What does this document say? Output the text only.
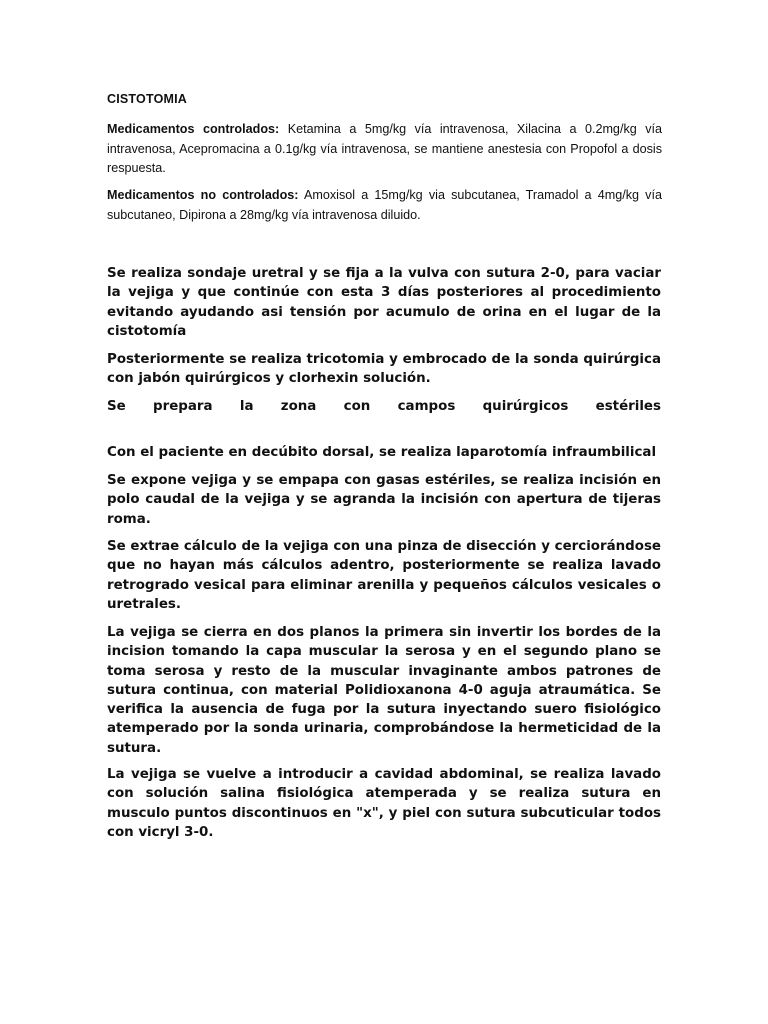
CISTOTOMIA

Medicamentos controlados: Ketamina a 5mg/kg vía intravenosa, Xilacina a 0.2mg/kg vía intravenosa, Acepromacina a 0.1g/kg vía intravenosa, se mantiene anestesia con Propofol a dosis respuesta.

Medicamentos no controlados: Amoxisol a 15mg/kg via subcutanea, Tramadol a 4mg/kg vía subcutaneo, Dipirona a 28mg/kg vía intravenosa diluido.

Se realiza sondaje uretral y se fija a la vulva con sutura 2-0, para vaciar la vejiga y que continúe con esta 3 días posteriores al procedimiento evitando ayudando asi tensión por acumulo de orina en el lugar de la cistotomía

Posteriormente se realiza tricotomia y embrocado de la sonda quirúrgica con jabón quirúrgicos y clorhexin solución.

Se prepara la zona con campos quirúrgicos estériles

Con el paciente en decúbito dorsal, se realiza laparotomía infraumbilical

Se expone vejiga y se empapa con gasas estériles, se realiza incisión en polo caudal de la vejiga y se agranda la incisión con apertura de tijeras roma.

Se extrae cálculo de la vejiga con una pinza de disección y cerciorándose que no hayan más cálculos adentro, posteriormente se realiza lavado retrogrado vesical para eliminar arenilla y pequeños cálculos vesicales o uretrales.

La vejiga se cierra en dos planos la primera sin invertir los bordes de la incision tomando la capa muscular la serosa y en el segundo plano se toma serosa y resto de la muscular invaginante ambos patrones de sutura continua, con material Polidioxanona 4-0 aguja atraumática. Se verifica la ausencia de fuga por la sutura inyectando suero fisiológico atemperado por la sonda urinaria, comprobándose la hermeticidad de la sutura.

La vejiga se vuelve a introducir a cavidad abdominal, se realiza lavado con solución salina fisiológica atemperada y se realiza sutura en musculo puntos discontinuos en "x", y piel con sutura subcuticular todos con vicryl 3-0.
